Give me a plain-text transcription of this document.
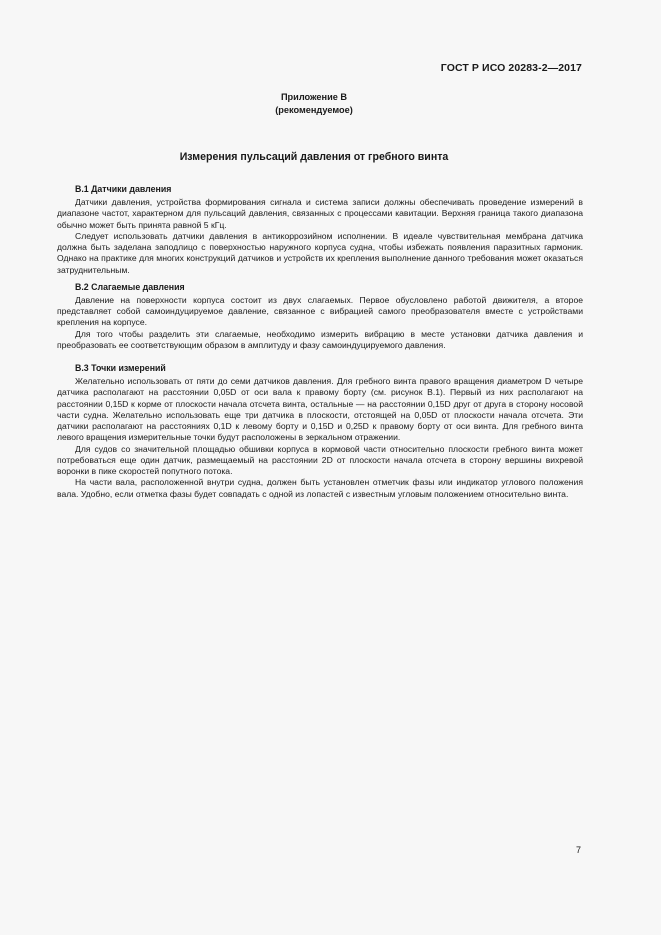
ГОСТ Р ИСО 20283-2—2017
Приложение В
(рекомендуемое)
Измерения пульсаций давления от гребного винта
В.1 Датчики давления

Датчики давления, устройства формирования сигнала и система записи должны обеспечивать проведение измерений в диапазоне частот, характерном для пульсаций давления, связанных с процессами кавитации. Верхняя граница такого диапазона обычно может быть принята равной 5 кГц.

Следует использовать датчики давления в антикоррозийном исполнении. В идеале чувствительная мембрана датчика должна быть заделана заподлицо с поверхностью наружного корпуса судна, чтобы избежать появления паразитных гармоник. Однако на практике для многих конструкций датчиков и устройств их крепления выполнение данного требования может оказаться затруднительным.

В.2 Слагаемые давления

Давление на поверхности корпуса состоит из двух слагаемых. Первое обусловлено работой движителя, а второе представляет собой самоиндуцируемое давление, связанное с вибрацией самого преобразователя вместе с устройствами крепления на корпусе.

Для того чтобы разделить эти слагаемые, необходимо измерить вибрацию в месте установки датчика давления и преобразовать ее соответствующим образом в амплитуду и фазу самоиндуцируемого давления.

В.3 Точки измерений

Желательно использовать от пяти до семи датчиков давления. Для гребного винта правого вращения диаметром D четыре датчика располагают на расстоянии 0,05D от оси вала к правому борту (см. рисунок В.1). Первый из них располагают на расстоянии 0,15D к корме от плоскости начала отсчета винта, остальные — на расстоянии 0,15D друг от друга в сторону носовой части судна. Желательно использовать еще три датчика в плоскости, отстоящей на 0,05D от плоскости начала отсчета. Эти датчики располагают на расстояниях 0,1D к левому борту и 0,15D и 0,25D к правому борту от оси винта. Для гребного винта левого вращения измерительные точки будут расположены в зеркальном отражении.

Для судов со значительной площадью обшивки корпуса в кормовой части относительно плоскости гребного винта может потребоваться еще один датчик, размещаемый на расстоянии 2D от плоскости начала отсчета в сторону вершины вихревой воронки в пике скоростей попутного потока.

На части вала, расположенной внутри судна, должен быть установлен отметчик фазы или индикатор углового положения вала. Удобно, если отметка фазы будет совпадать с одной из лопастей с известным угловым положением относительно винта.

7
